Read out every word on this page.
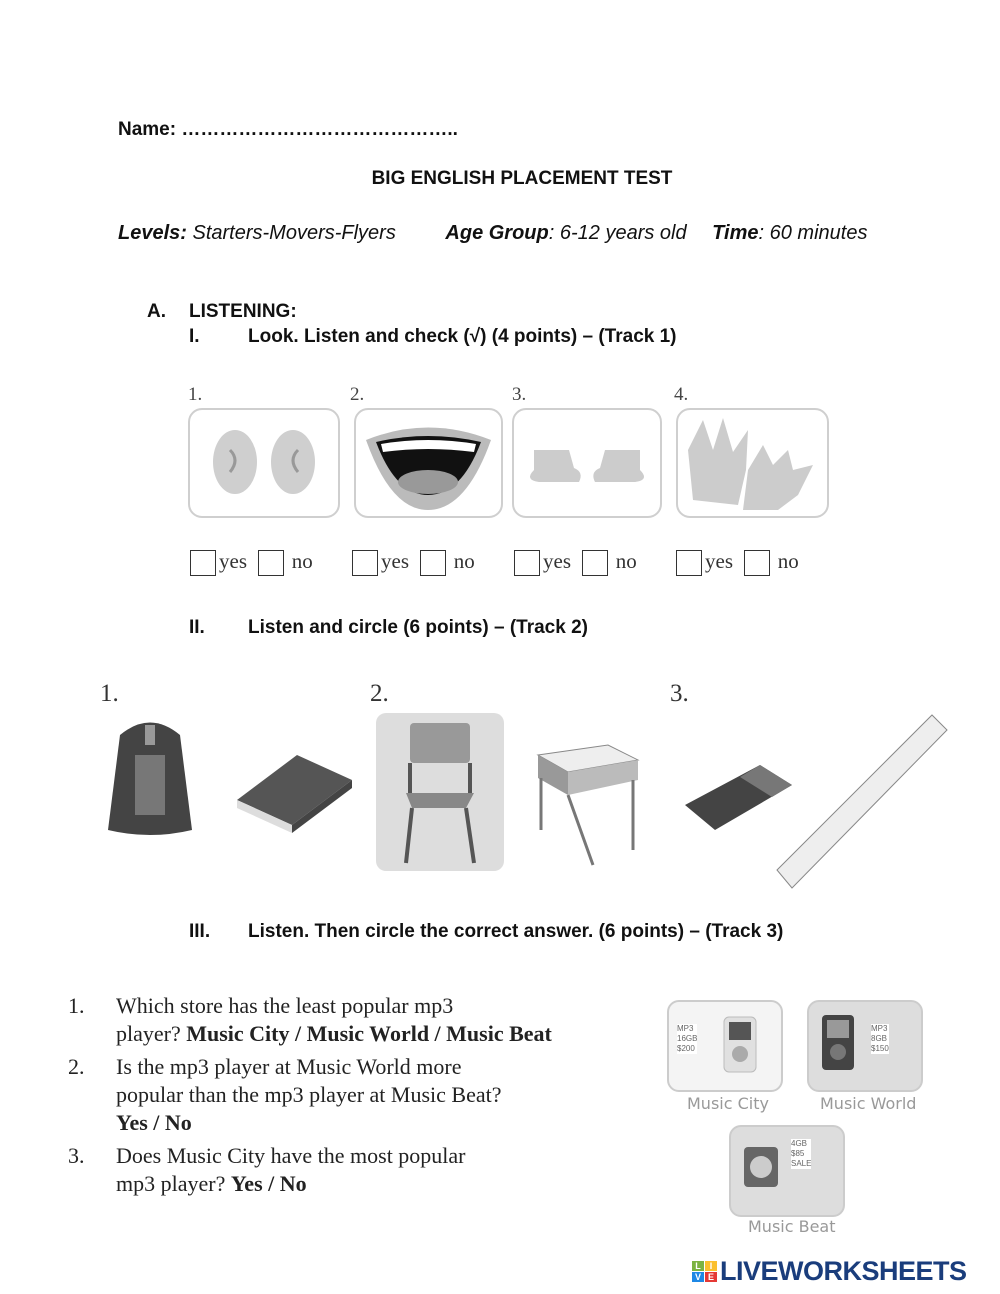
Name: ……………………………………..
BIG ENGLISH PLACEMENT TEST
Levels: Starters-Movers-Flyers Age Group: 6-12 years old Time: 60 minutes
A. LISTENING:
I.	Look. Listen and check (√) (4 points) – (Track 1)
1.	2.	3.	4.
yes no	yes no	yes no	yes no
II. Listen and circle (6 points) – (Track 2)
1.	2.	3.
III. Listen. Then circle the correct answer. (6 points) – (Track 3)
1. Which store has the least popular mp3
player? Music City / Music World / Music Beat
2. Is the mp3 player at Music World more
popular than the mp3 player at Music Beat?
Yes / No
3. Does Music City have the most popular
mp3 player? Yes / No
MP3
16GB
$200
Music City
MP3
8GB
$150
Music World
4GB
$85
SALE
Music Beat
L I
V E LIVEWORKSHEETS
